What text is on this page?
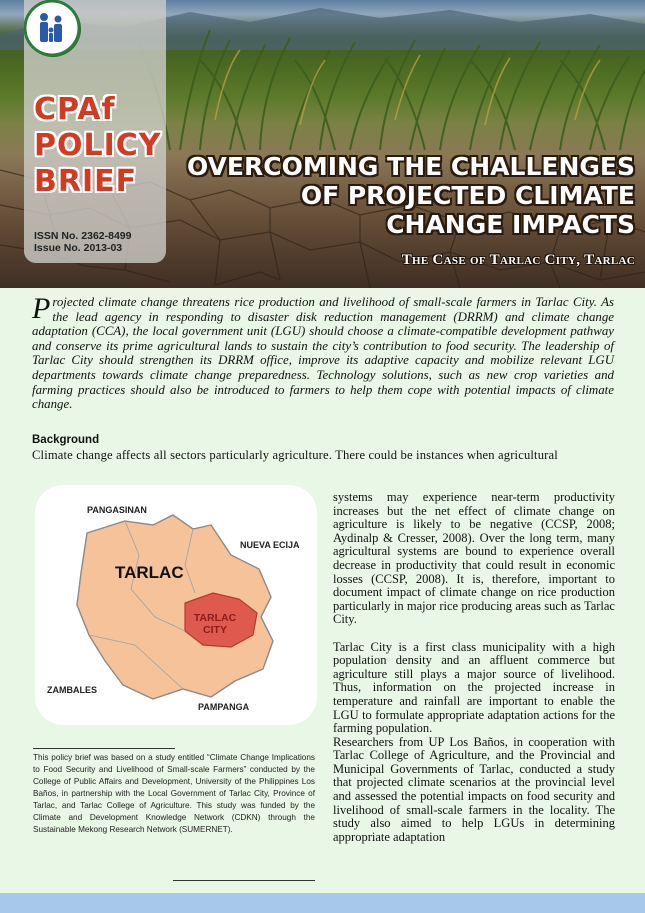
CPAf
POLICY
BRIEF
ISSN No. 2362-8499
Issue No. 2013-03
OVERCOMING THE CHALLENGES
OF PROJECTED CLIMATE
CHANGE IMPACTS
The Case of Tarlac City, Tarlac
Projected climate change threatens rice production and livelihood of small-scale farmers in Tarlac City. As the lead agency in responding to disaster disk reduction management (DRRM) and climate change adaptation (CCA), the local government unit (LGU) should choose a climate-compatible development pathway and conserve its prime agricultural lands to sustain the city’s contribution to food security. The leadership of Tarlac City should strengthen its DRRM office, improve its adaptive capacity and mobilize relevant LGU departments towards climate change preparedness. Technology solutions, such as new crop varieties and farming practices should also be introduced to farmers to help them cope with potential impacts of climate change.
Background
Climate change affects all sectors particularly agriculture. There could be instances when agricultural
PANGASINAN
NUEVA ECIJA
TARLAC
TARLAC
CITY
ZAMBALES
PAMPANGA
This policy brief was based on a study entitled “Climate Change Implications to Food Security and Livelihood of Small-scale Farmers” conducted by the College of Public Affairs and Development, University of the Philippines Los Baños, in partnership with the Local Government of Tarlac City, Province of Tarlac, and Tarlac College of Agriculture. This study was funded by the Climate and Development Knowledge Network (CDKN) through the Sustainable Mekong Research Network (SUMERNET).

systems may experience near-term productivity increases but the net effect of climate change on agriculture is likely to be negative (CCSP, 2008; Aydinalp & Cresser, 2008). Over the long term, many agricultural systems are bound to experience overall decrease in productivity that could result in economic losses (CCSP, 2008). It is, therefore, important to document impact of climate change on rice production particularly in major rice producing areas such as Tarlac City.

Tarlac City is a first class municipality with a high population density and an affluent commerce but agriculture still plays a major source of livelihood. Thus, information on the projected increase in temperature and rainfall are important to enable the LGU to formulate appropriate adaptation actions for the farming population.

Researchers from UP Los Baños, in cooperation with Tarlac College of Agriculture, and the Provincial and Municipal Governments of Tarlac, conducted a study that projected climate scenarios at the provincial level and assessed the potential impacts on food security and livelihood of small-scale farmers in the locality. The study also aimed to help LGUs in determining appropriate adaptation
